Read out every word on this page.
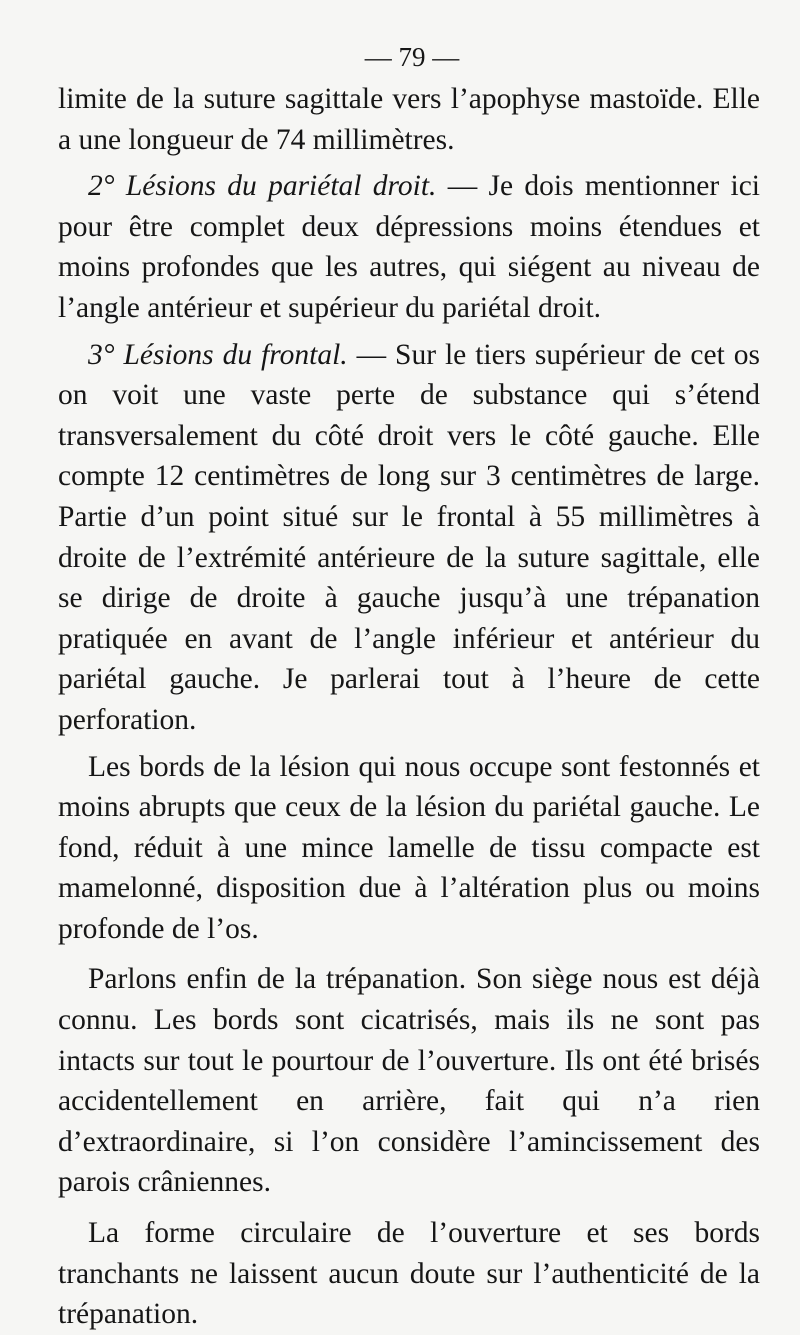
— 79 —

limite de la suture sagittale vers l’apophyse mastoïde. Elle a une longueur de 74 millimètres.

2° Lésions du pariétal droit. — Je dois mentionner ici pour être complet deux dépressions moins étendues et moins profondes que les autres, qui siégent au niveau de l’angle antérieur et supérieur du pariétal droit.

3° Lésions du frontal. — Sur le tiers supérieur de cet os on voit une vaste perte de substance qui s’étend transversalement du côté droit vers le côté gauche. Elle compte 12 centimètres de long sur 3 centimètres de large. Partie d’un point situé sur le frontal à 55 millimètres à droite de l’extrémité antérieure de la suture sagittale, elle se dirige de droite à gauche jusqu’à une trépanation pratiquée en avant de l’angle inférieur et antérieur du pariétal gauche. Je parlerai tout à l’heure de cette perforation.

Les bords de la lésion qui nous occupe sont festonnés et moins abrupts que ceux de la lésion du pariétal gauche. Le fond, réduit à une mince lamelle de tissu compacte est mamelonné, disposition due à l’altération plus ou moins profonde de l’os.

Parlons enfin de la trépanation. Son siège nous est déjà connu. Les bords sont cicatrisés, mais ils ne sont pas intacts sur tout le pourtour de l’ouverture. Ils ont été brisés accidentellement en arrière, fait qui n’a rien d’extraordinaire, si l’on considère l’amincissement des parois crâniennes.

La forme circulaire de l’ouverture et ses bords tranchants ne laissent aucun doute sur l’authenticité de la trépanation.
